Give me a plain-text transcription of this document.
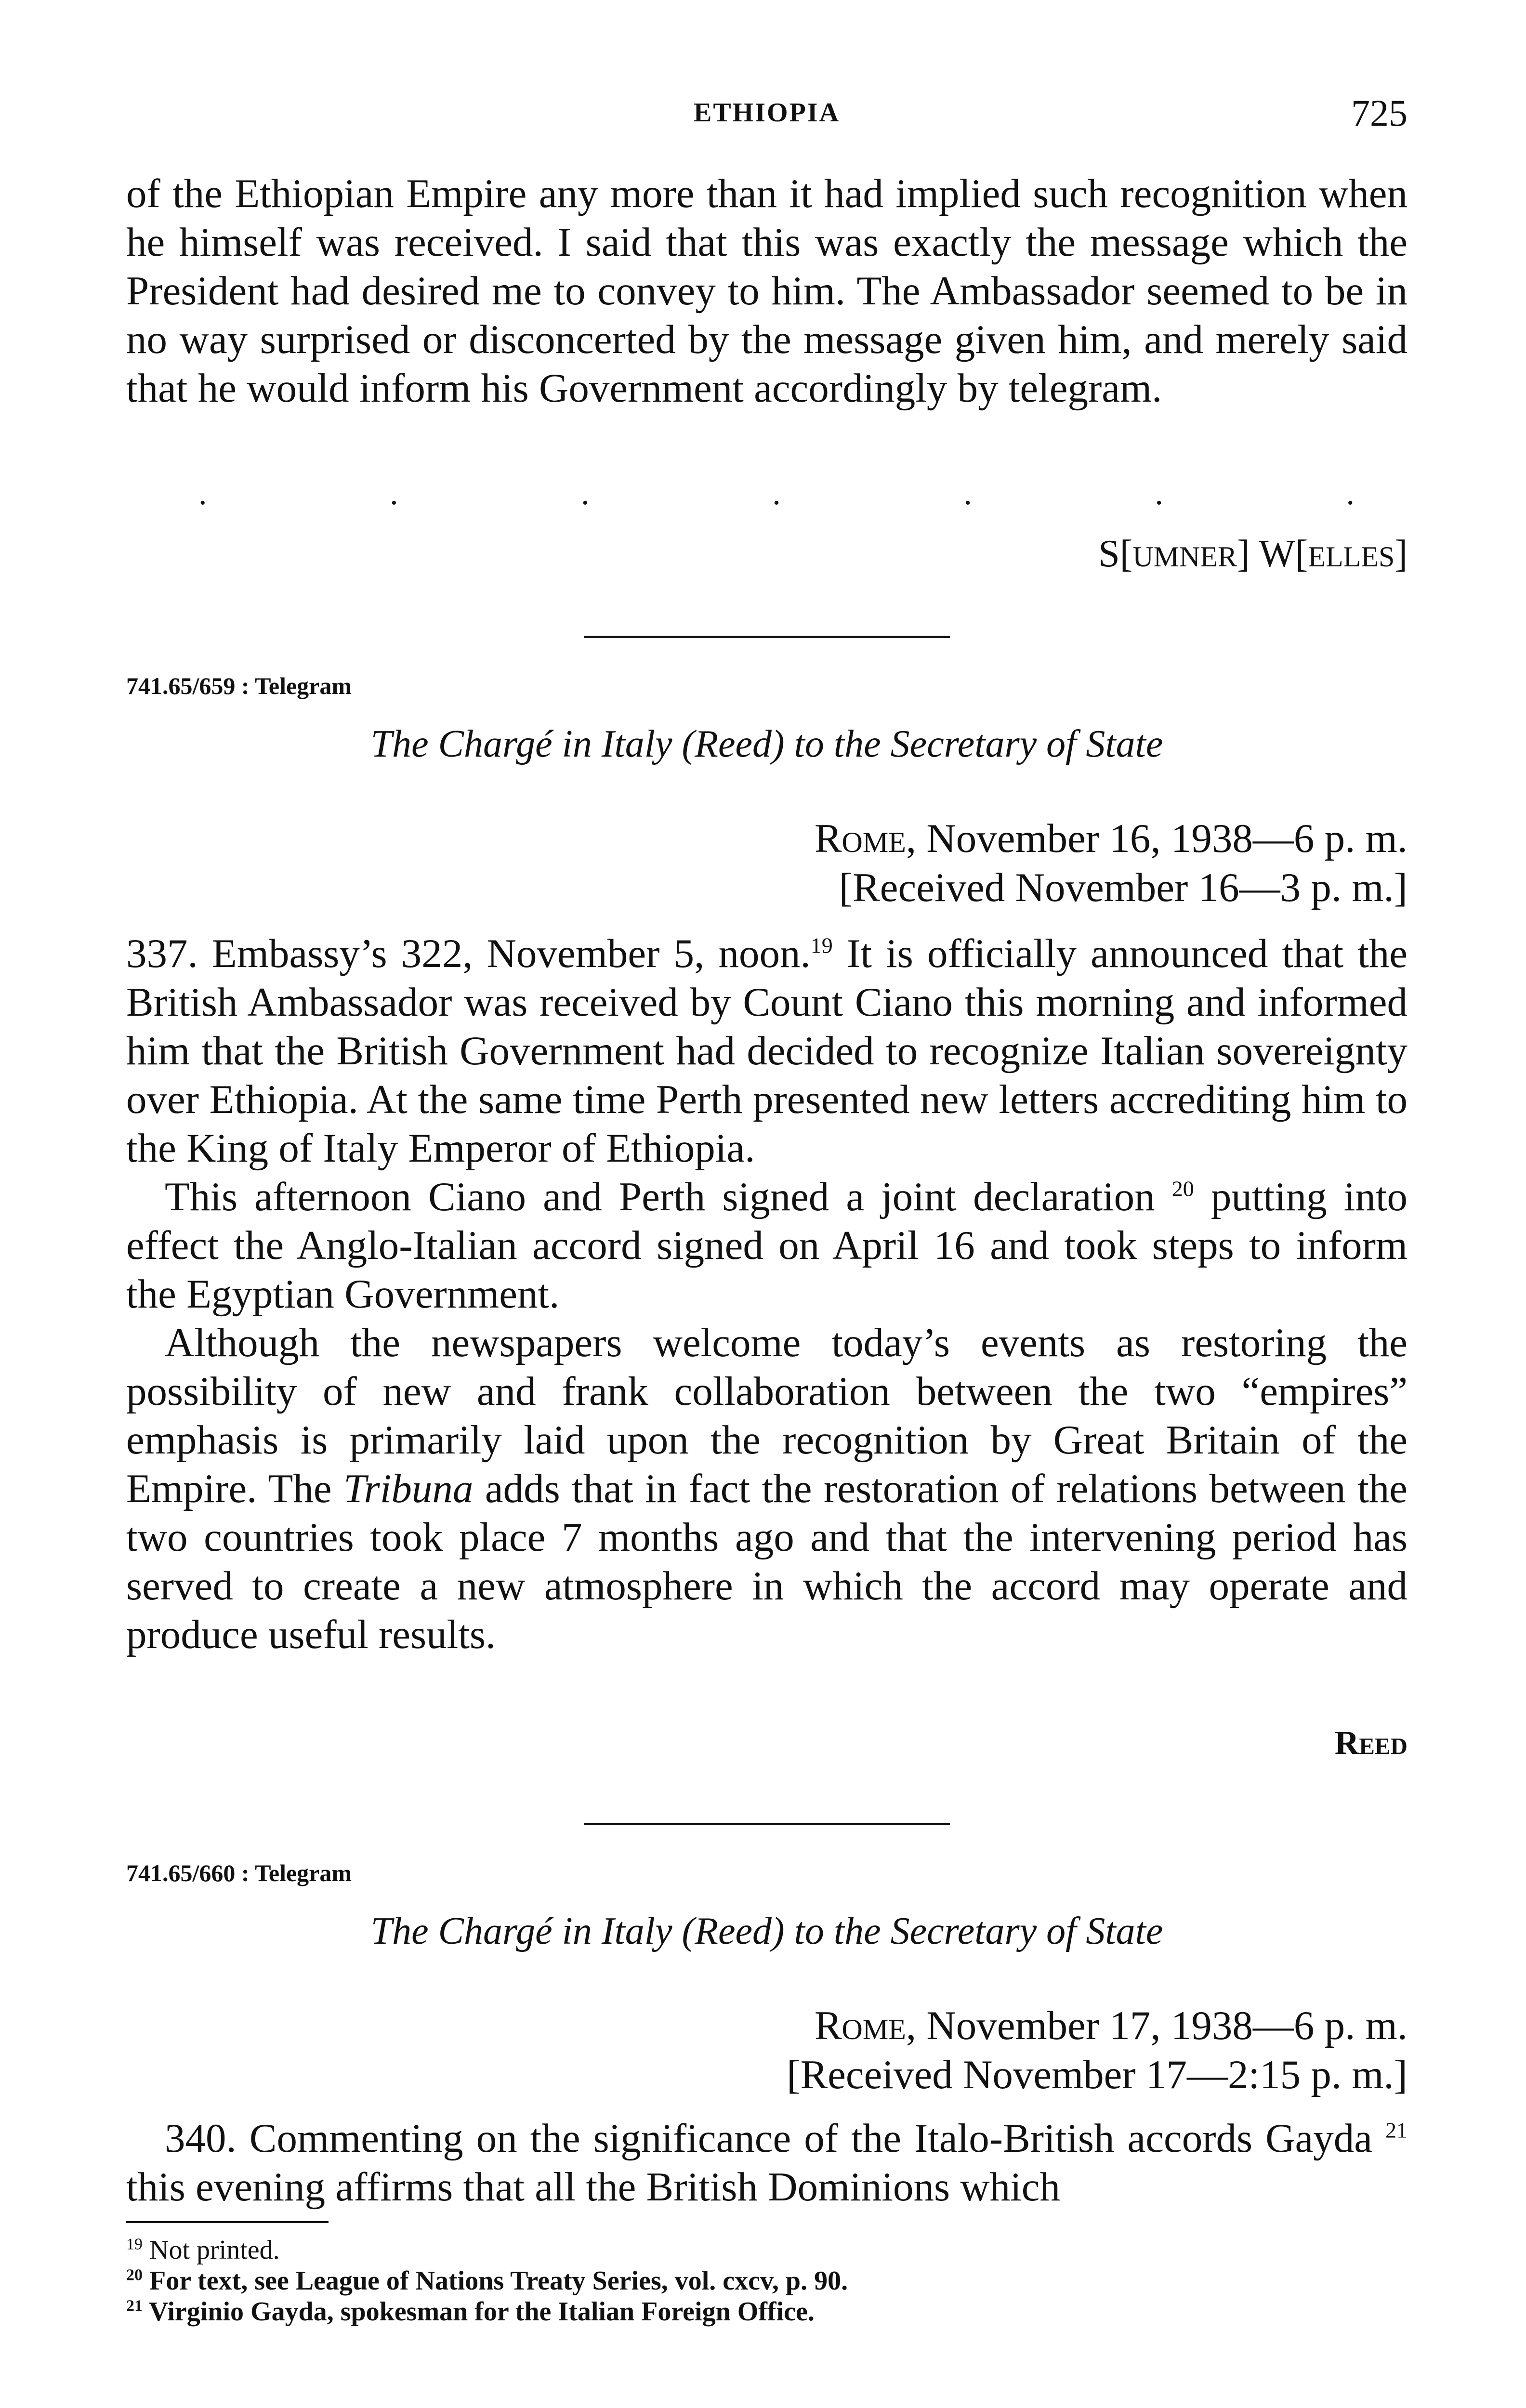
ETHIOPIA	725

of the Ethiopian Empire any more than it had implied such recognition when he himself was received. I said that this was exactly the message which the President had desired me to convey to him. The Ambassador seemed to be in no way surprised or disconcerted by the message given him, and merely said that he would inform his Government accordingly by telegram.

.	.	.	.	.	.	.
S[UMNER] W[ELLES]
741.65/659 : Telegram
The Chargé in Italy (Reed) to the Secretary of State
Rome, November 16, 1938—6 p. m.
[Received November 16—3 p. m.]

337. Embassy’s 322, November 5, noon.$^{19}$ It is officially announced that the British Ambassador was received by Count Ciano this morning and informed him that the British Government had decided to recognize Italian sovereignty over Ethiopia. At the same time Perth presented new letters accrediting him to the King of Italy Emperor of Ethiopia.

This afternoon Ciano and Perth signed a joint declaration $^{20}$ putting into effect the Anglo-Italian accord signed on April 16 and took steps to inform the Egyptian Government.

Although the newspapers welcome today’s events as restoring the possibility of new and frank collaboration between the two “empires” emphasis is primarily laid upon the recognition by Great Britain of the Empire. The Tribuna adds that in fact the restoration of relations between the two countries took place 7 months ago and that the intervening period has served to create a new atmosphere in which the accord may operate and produce useful results.

Reed
741.65/660 : Telegram
The Chargé in Italy (Reed) to the Secretary of State
Rome, November 17, 1938—6 p. m.
[Received November 17—2:15 p. m.]

340. Commenting on the significance of the Italo-British accords Gayda $^{21}$ this evening affirms that all the British Dominions which

$^{19}$ Not printed.
$^{20}$ For text, see League of Nations Treaty Series, vol. cxcv, p. 90.
$^{21}$ Virginio Gayda, spokesman for the Italian Foreign Office.
